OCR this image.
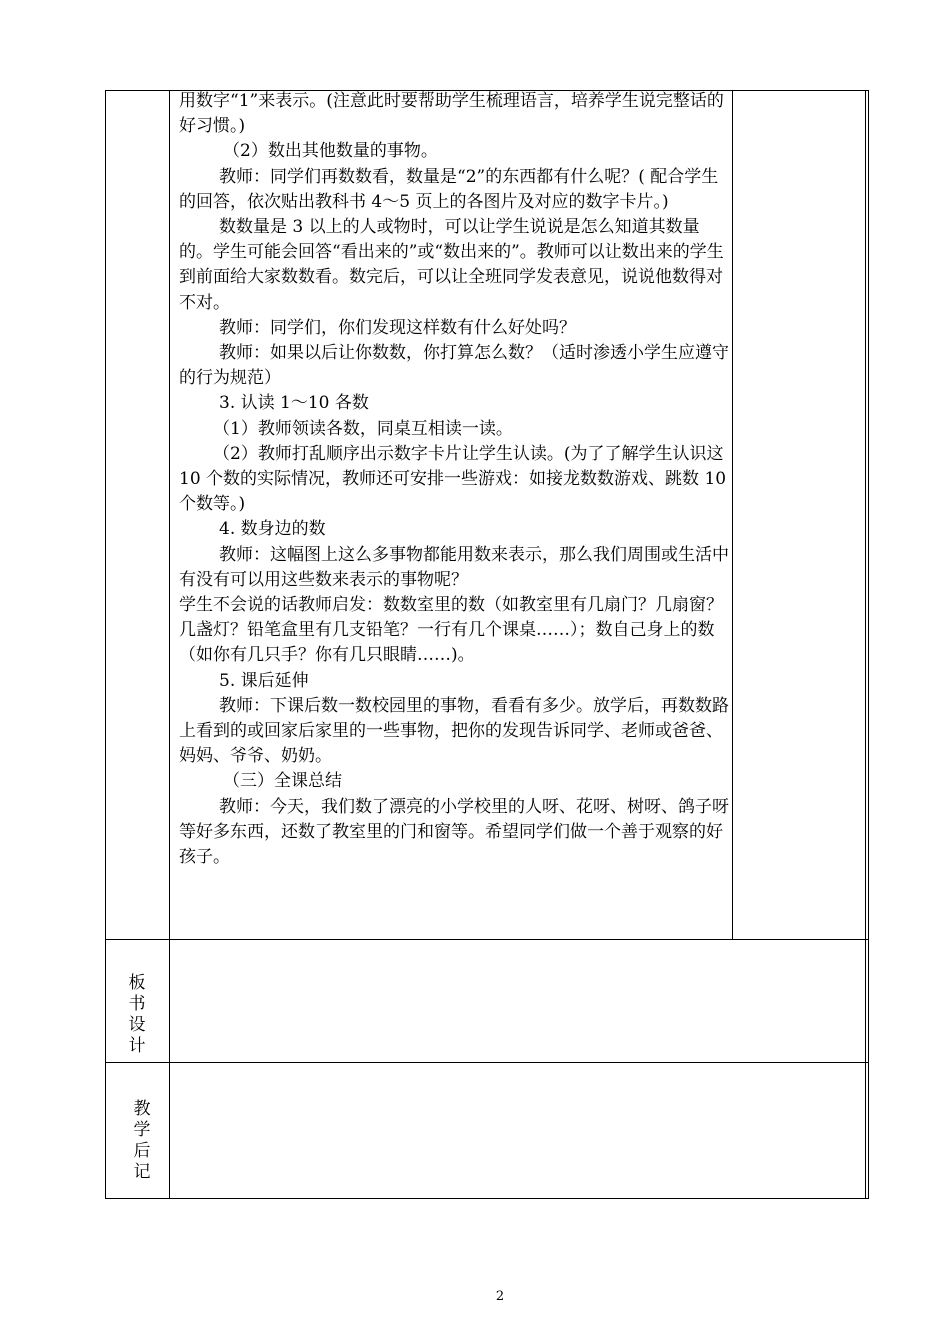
用数字“1”来表示。(注意此时要帮助学生梳理语言，培养学生说完整话的好习惯。)

（2）数出其他数量的事物。

教师：同学们再数数看，数量是“2”的东西都有什么呢？( 配合学生的回答，依次贴出教科书 4～5 页上的各图片及对应的数字卡片。)

数数量是 3 以上的人或物时，可以让学生说说是怎么知道其数量的。学生可能会回答“看出来的”或“数出来的”。教师可以让数出来的学生到前面给大家数数看。数完后，可以让全班同学发表意见，说说他数得对不对。

教师：同学们，你们发现这样数有什么好处吗？

教师：如果以后让你数数，你打算怎么数？（适时渗透小学生应遵守的行为规范）

3. 认读 1～10 各数

（1）教师领读各数，同桌互相读一读。

（2）教师打乱顺序出示数字卡片让学生认读。(为了了解学生认识这 10 个数的实际情况，教师还可安排一些游戏：如接龙数数游戏、跳数 10 个数等。)

4. 数身边的数

教师：这幅图上这么多事物都能用数来表示，那么我们周围或生活中有没有可以用这些数来表示的事物呢？

学生不会说的话教师启发：数数室里的数（如教室里有几扇门？几扇窗？几盏灯？铅笔盒里有几支铅笔？一行有几个课桌……）；数自己身上的数（如你有几只手？你有几只眼睛……)。

5. 课后延伸

教师：下课后数一数校园里的事物，看看有多少。放学后，再数数路上看到的或回家后家里的一些事物，把你的发现告诉同学、老师或爸爸、妈妈、爷爷、奶奶。

（三）全课总结

教师：今天，我们数了漂亮的小学校里的人呀、花呀、树呀、鸽子呀等好多东西，还数了教室里的门和窗等。希望同学们做一个善于观察的好孩子。

板
书
设
计
教
学
后
记
2
